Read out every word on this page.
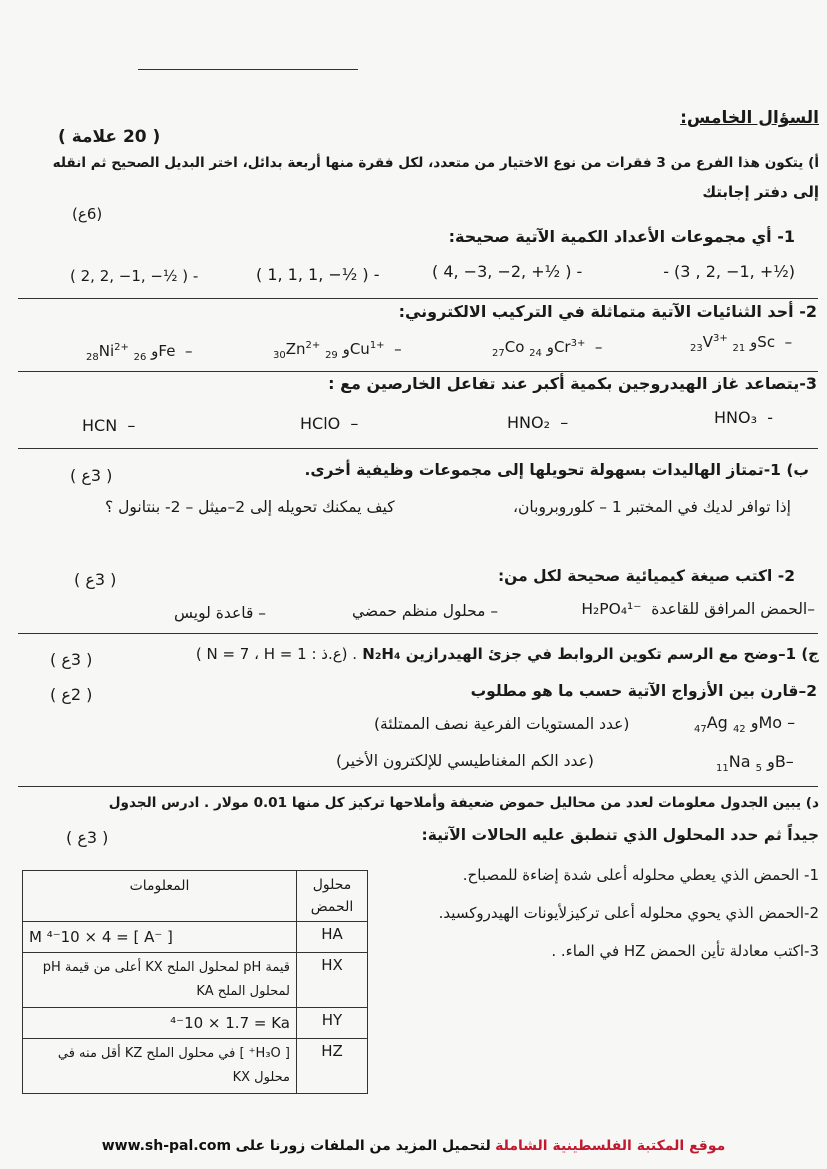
السؤال الخامس:
( 20 علامة )
أ) يتكون هذا الفرع من 3 فقرات من نوع الاختيار من متعدد، لكل فقرة منها أربعة بدائل، اختر البديل الصحيح ثم انقله
إلى دفتر إجابتك
(6ع)
1- أي مجموعات الأعداد الكمية الآتية صحيحة:
- (3 , 2, −1, +½)
( 4, −3, −2, +½ ) -
( 1, 1, 1, −½ ) -
( 2, 2, −1, −½ ) -
2- أحد الثنائيات الآتية متماثلة في التركيب الالكتروني:
$_{23}V^{3+}$ و $_{21}$ Sc  –
$_{27}$Co و $_{24}$ $Cr^{3+}$  –
$_{30}Zn^{2+}$ و $_{29}$ $Cu^{1+}$  –
$_{28}Ni^{2+}$ و $_{26}$ Fe  –
3-يتصاعد غاز الهيدروجين بكمية أكبر عند تفاعل الخارصين مع :
HNO₃  -
HNO₂  –
HClO  –
HCN  –
ب) 1-تمتاز الهاليدات بسهولة تحويلها إلى مجموعات وظيفية أخرى.
( 3ع )
إذا توافر لديك في المختبر 1 – كلوروبروبان،
كيف يمكنك تحويله إلى 2–ميثل – 2- بنتانول ؟
2- اكتب صيغة كيميائية صحيحة لكل من:
( 3ع )
–الحمض المرافق للقاعدة  H₂PO₄¹⁻
– محلول منظم حمضي
– قاعدة لويس
ج) 1–وضح مع الرسم تكوين الروابط في جزئ الهيدرازين N₂H₄ . (ع.ذ : N = 7 ، H = 1 )
( 3ع )
2–قارن بين الأزواج الآتية حسب ما هو مطلوب
( 2ع )
$_{47}$Ag و $_{42}$ Mo –
(عدد المستويات الفرعية نصف الممتلئة)
$_{11}$Na و $_5$ B–
(عدد الكم المغناطيسي للإلكترون الأخير)
د) يبين الجدول معلومات لعدد من محاليل حموض ضعيفة وأملاحها تركيز كل منها 0.01 مولار . ادرس الجدول
جيداً ثم حدد المحلول الذي تنطبق عليه الحالات الآتية:
( 3ع )
1- الحمض الذي يعطي محلوله أعلى شدة إضاءة للمصباح.
2-الحمض الذي يحوي محلوله أعلى تركيزلأيونات الهيدروكسيد.
3-اكتب معادلة تأين الحمض HZ في الماء. .
محلول الحمض	المعلومات
HA	M ⁴⁻10 × 4 = [ A⁻ ]
HX	قيمة pH لمحلول الملح KX أعلى من قيمة pH لمحلول الملح KA
HY	⁴⁻10 × 1.7 = Ka
HZ	[ H₃O⁺ ] في محلول الملح KZ أقل منه في محلول KX
www.sh-pal.com	موقع المكتبة الفلسطينية الشاملة لتحميل المزيد من الملفات زورنا على
